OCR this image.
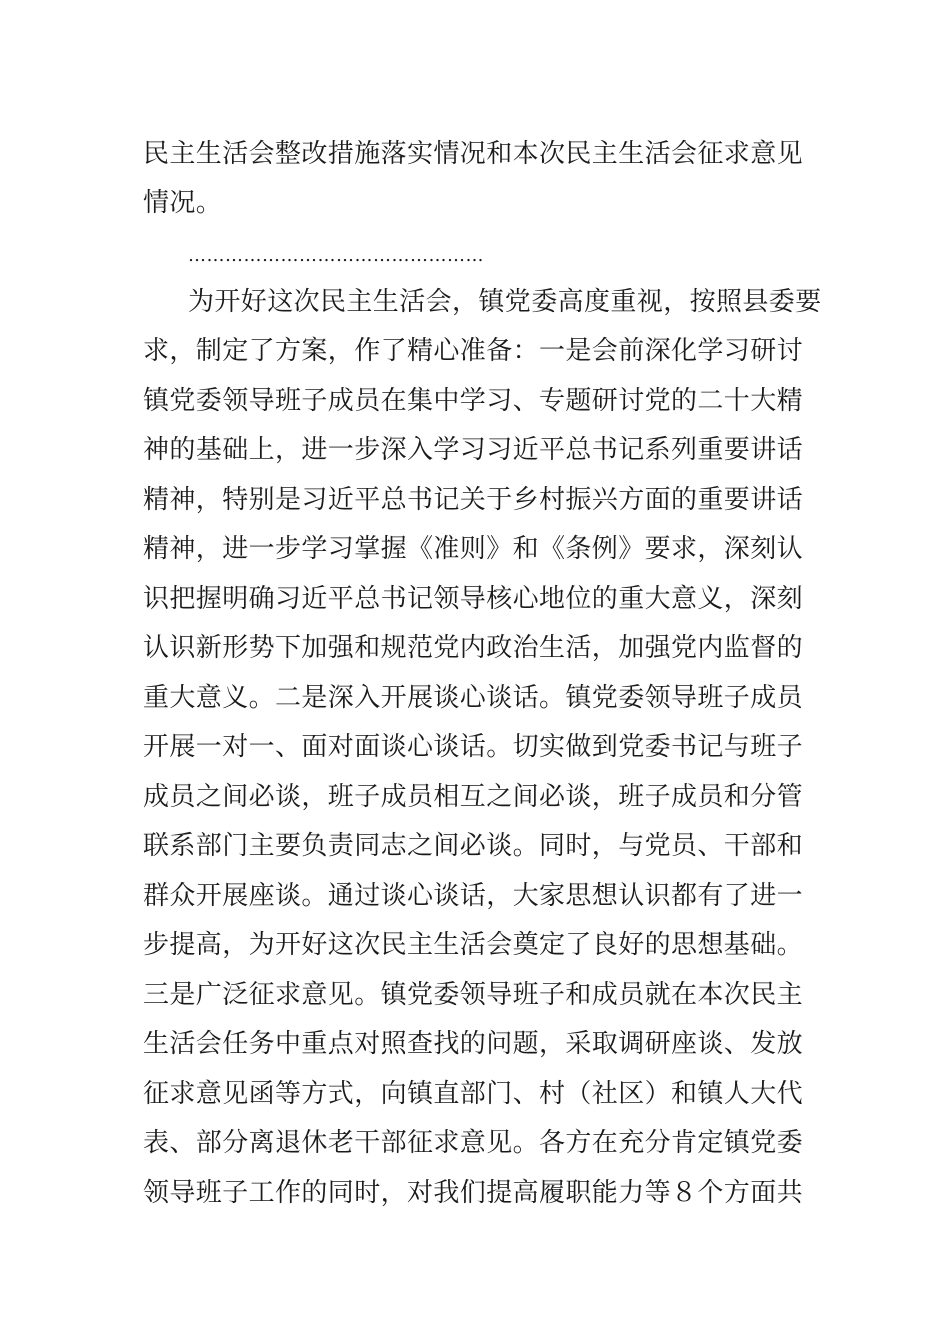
民主生活会整改措施落实情况和本次民主生活会征求意见
情况。
…………………………………………
为开好这次民主生活会，镇党委高度重视，按照县委要
求，制定了方案，作了精心准备：一是会前深化学习研讨
镇党委领导班子成员在集中学习、专题研讨党的二十大精
神的基础上，进一步深入学习习近平总书记系列重要讲话
精神，特别是习近平总书记关于乡村振兴方面的重要讲话
精神，进一步学习掌握《准则》和《条例》要求，深刻认
识把握明确习近平总书记领导核心地位的重大意义，深刻
认识新形势下加强和规范党内政治生活，加强党内监督的
重大意义。二是深入开展谈心谈话。镇党委领导班子成员
开展一对一、面对面谈心谈话。切实做到党委书记与班子
成员之间必谈，班子成员相互之间必谈，班子成员和分管
联系部门主要负责同志之间必谈。同时，与党员、干部和
群众开展座谈。通过谈心谈话，大家思想认识都有了进一
步提高，为开好这次民主生活会奠定了良好的思想基础。
三是广泛征求意见。镇党委领导班子和成员就在本次民主
生活会任务中重点对照查找的问题，采取调研座谈、发放
征求意见函等方式，向镇直部门、村（社区）和镇人大代
表、部分离退休老干部征求意见。各方在充分肯定镇党委
领导班子工作的同时，对我们提高履职能力等８个方面共
